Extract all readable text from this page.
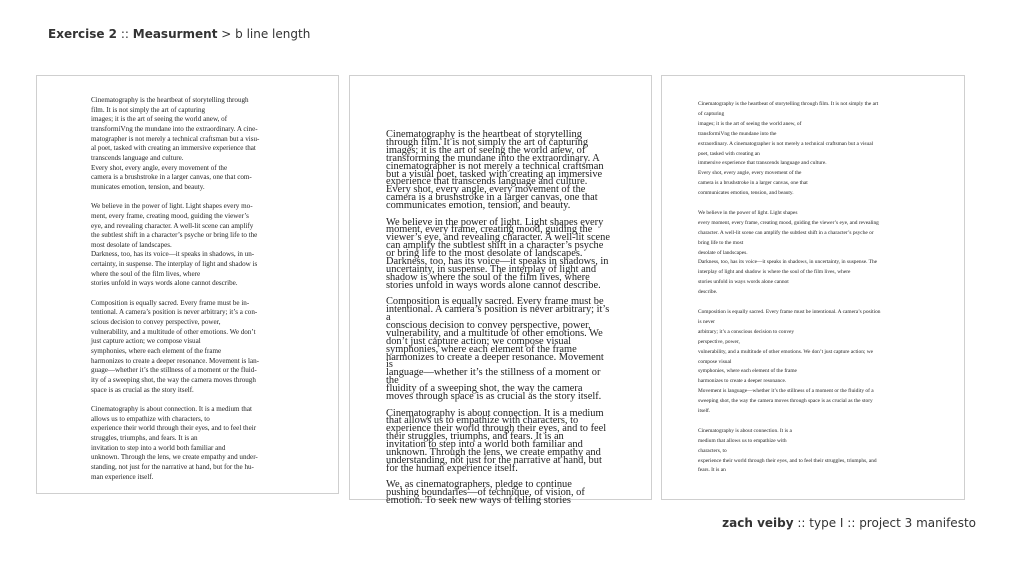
Exercise 2 :: Measurment > b line length
Cinematography is the heartbeat of storytelling through
film. It is not simply the art of capturing
images; it is the art of seeing the world anew, of
transformiVng the mundane into the extraordinary. A cine-
matographer is not merely a technical craftsman but a visu-
al poet, tasked with creating an immersive experience that
transcends language and culture.
Every shot, every angle, every movement of the
camera is a brushstroke in a larger canvas, one that com-
municates emotion, tension, and beauty.
We believe in the power of light. Light shapes every mo-
ment, every frame, creating mood, guiding the viewer’s
eye, and revealing character. A well-lit scene can amplify
the subtlest shift in a character’s psyche or bring life to the
most desolate of landscapes.
Darkness, too, has its voice—it speaks in shadows, in un-
certainty, in suspense. The interplay of light and shadow is
where the soul of the film lives, where
stories unfold in ways words alone cannot describe.
Composition is equally sacred. Every frame must be in-
tentional. A camera’s position is never arbitrary; it’s a con-
scious decision to convey perspective, power,
vulnerability, and a multitude of other emotions. We don’t
just capture action; we compose visual
symphonies, where each element of the frame
harmonizes to create a deeper resonance. Movement is lan-
guage—whether it’s the stillness of a moment or the fluid-
ity of a sweeping shot, the way the camera moves through
space is as crucial as the story itself.
Cinematography is about connection. It is a medium that
allows us to empathize with characters, to
experience their world through their eyes, and to feel their
struggles, triumphs, and fears. It is an
invitation to step into a world both familiar and
unknown. Through the lens, we create empathy and under-
standing, not just for the narrative at hand, but for the hu-
man experience itself.
Cinematography is the heartbeat of storytelling
through film. It is not simply the art of capturing
images; it is the art of seeing the world anew, of
transforming the mundane into the extraordinary. A
cinematographer is not merely a technical craftsman
but a visual poet, tasked with creating an immersive
experience that transcends language and culture.
Every shot, every angle, every movement of the
camera is a brushstroke in a larger canvas, one that
communicates emotion, tension, and beauty.
We believe in the power of light. Light shapes every
moment, every frame, creating mood, guiding the
viewer’s eye, and revealing character. A well-lit scene
can amplify the subtlest shift in a character’s psyche
or bring life to the most desolate of landscapes.
Darkness, too, has its voice—it speaks in shadows, in
uncertainty, in suspense. The interplay of light and
shadow is where the soul of the film lives, where
stories unfold in ways words alone cannot describe.
Composition is equally sacred. Every frame must be
intentional. A camera’s position is never arbitrary; it’s
a
conscious decision to convey perspective, power,
vulnerability, and a multitude of other emotions. We
don’t just capture action; we compose visual
symphonies, where each element of the frame
harmonizes to create a deeper resonance. Movement
is
language—whether it’s the stillness of a moment or
the
fluidity of a sweeping shot, the way the camera
moves through space is as crucial as the story itself.
Cinematography is about connection. It is a medium
that allows us to empathize with characters, to
experience their world through their eyes, and to feel
their struggles, triumphs, and fears. It is an
invitation to step into a world both familiar and
unknown. Through the lens, we create empathy and
understanding, not just for the narrative at hand, but
for the human experience itself.
We, as cinematographers, pledge to continue
pushing boundaries—of technique, of vision, of
emotion. To seek new ways of telling stories
Cinematography is the heartbeat of storytelling through film. It is not simply the art
of capturing
images; it is the art of seeing the world anew, of
transformiVng the mundane into the
extraordinary. A cinematographer is not merely a technical craftsman but a visual
poet, tasked with creating an
immersive experience that transcends language and culture.
Every shot, every angle, every movement of the
camera is a brushstroke in a larger canvas, one that
communicates emotion, tension, and beauty.
We believe in the power of light. Light shapes
every moment, every frame, creating mood, guiding the viewer’s eye, and revealing
character. A well-lit scene can amplify the subtlest shift in a character’s psyche or
bring life to the most
desolate of landscapes.
Darkness, too, has its voice—it speaks in shadows, in uncertainty, in suspense. The
interplay of light and shadow is where the soul of the film lives, where
stories unfold in ways words alone cannot
describe.
Composition is equally sacred. Every frame must be intentional. A camera’s position
is never
arbitrary; it’s a conscious decision to convey
perspective, power,
vulnerability, and a multitude of other emotions. We don’t just capture action; we
compose visual
symphonies, where each element of the frame
harmonizes to create a deeper resonance.
Movement is language—whether it’s the stillness of a moment or the fluidity of a
sweeping shot, the way the camera moves through space is as crucial as the story
itself.
Cinematography is about connection. It is a
medium that allows us to empathize with
characters, to
experience their world through their eyes, and to feel their struggles, triumphs, and
fears. It is an
zach veiby :: type I :: project 3 manifesto
